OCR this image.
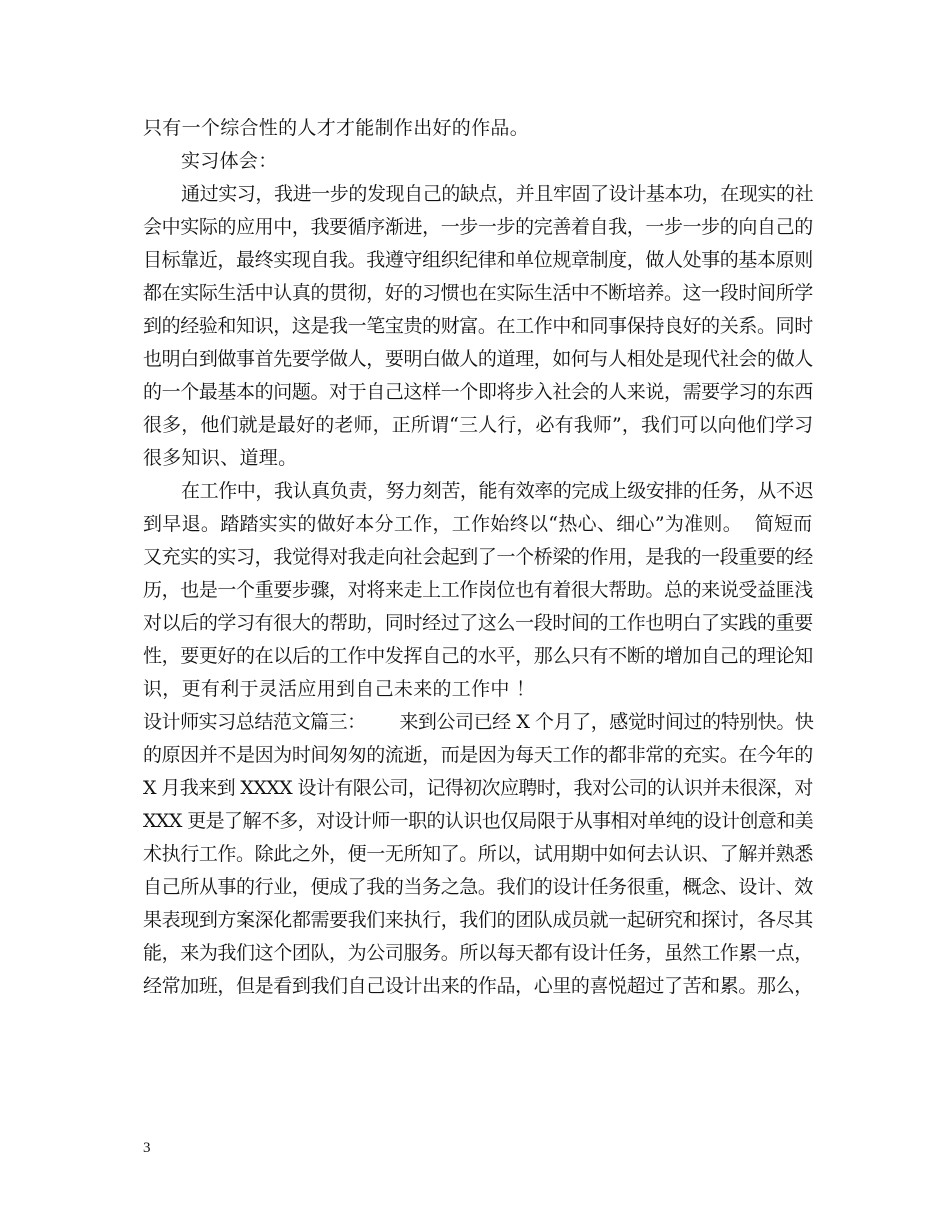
只有一个综合性的人才才能制作出好的作品。
实习体会：
通过实习，我进一步的发现自己的缺点，并且牢固了设计基本功，在现实的社
会中实际的应用中，我要循序渐进，一步一步的完善着自我，一步一步的向自己的
目标靠近，最终实现自我。我遵守组织纪律和单位规章制度，做人处事的基本原则
都在实际生活中认真的贯彻，好的习惯也在实际生活中不断培养。这一段时间所学
到的经验和知识，这是我一笔宝贵的财富。在工作中和同事保持良好的关系。同时
也明白到做事首先要学做人，要明白做人的道理，如何与人相处是现代社会的做人
的一个最基本的问题。对于自己这样一个即将步入社会的人来说，需要学习的东西
很多，他们就是最好的老师，正所谓“三人行，必有我师”，我们可以向他们学习
很多知识、道理。
在工作中，我认真负责，努力刻苦，能有效率的完成上级安排的任务，从不迟
到早退。踏踏实实的做好本分工作，工作始终以“热心、细心”为准则。  简短而
又充实的实习，我觉得对我走向社会起到了一个桥梁的作用，是我的一段重要的经
历，也是一个重要步骤，对将来走上工作岗位也有着很大帮助。总的来说受益匪浅
对以后的学习有很大的帮助，同时经过了这么一段时间的工作也明白了实践的重要
性，要更好的在以后的工作中发挥自己的水平，那么只有不断的增加自己的理论知
识，更有利于灵活应用到自己未来的工作中 ！
设计师实习总结范文篇三：      来到公司已经 X 个月了，感觉时间过的特别快。快
的原因并不是因为时间匆匆的流逝，而是因为每天工作的都非常的充实。在今年的
X 月我来到 XXXX 设计有限公司，记得初次应聘时，我对公司的认识并未很深，对
XXX 更是了解不多，对设计师一职的认识也仅局限于从事相对单纯的设计创意和美
术执行工作。除此之外，便一无所知了。所以，试用期中如何去认识、了解并熟悉
自己所从事的行业，便成了我的当务之急。我们的设计任务很重，概念、设计、效
果表现到方案深化都需要我们来执行，我们的团队成员就一起研究和探讨，各尽其
能，来为我们这个团队，为公司服务。所以每天都有设计任务，虽然工作累一点，
经常加班，但是看到我们自己设计出来的作品，心里的喜悦超过了苦和累。那么，
3
